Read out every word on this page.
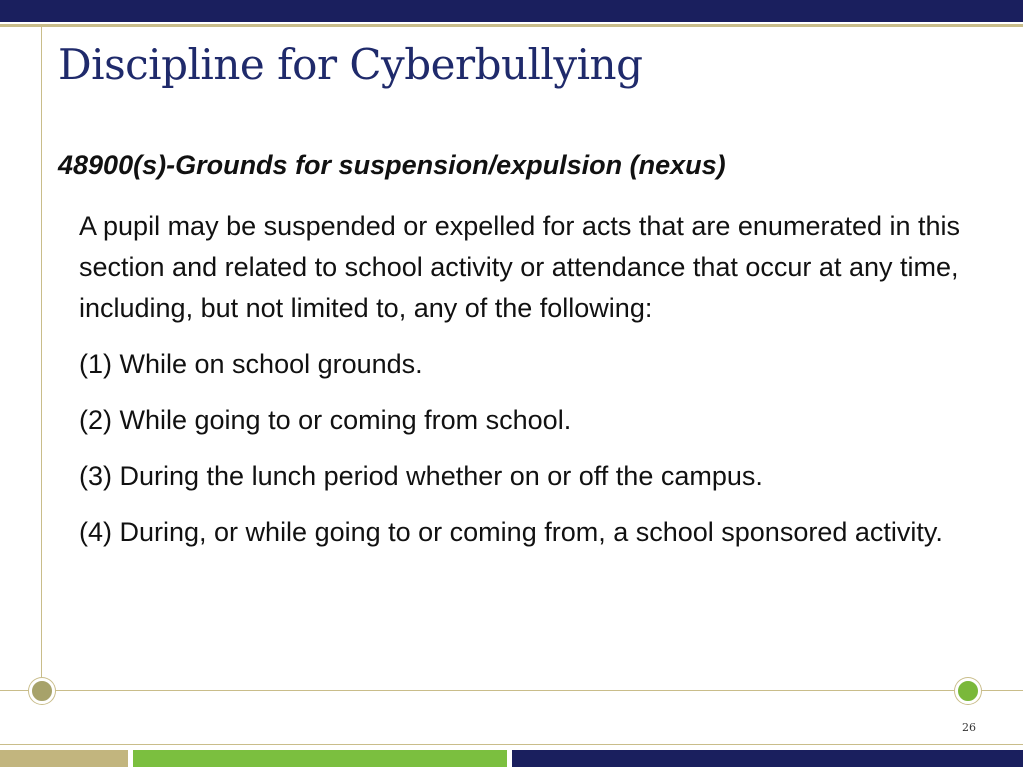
Discipline for Cyberbullying
48900(s)-Grounds for suspension/expulsion (nexus)

A pupil may be suspended or expelled for acts that are enumerated in this section and related to school activity or attendance that occur at any time, including, but not limited to, any of the following:

(1) While on school grounds.

(2) While going to or coming from school.

(3) During the lunch period whether on or off the campus.

(4) During, or while going to or coming from, a school sponsored activity.

26
